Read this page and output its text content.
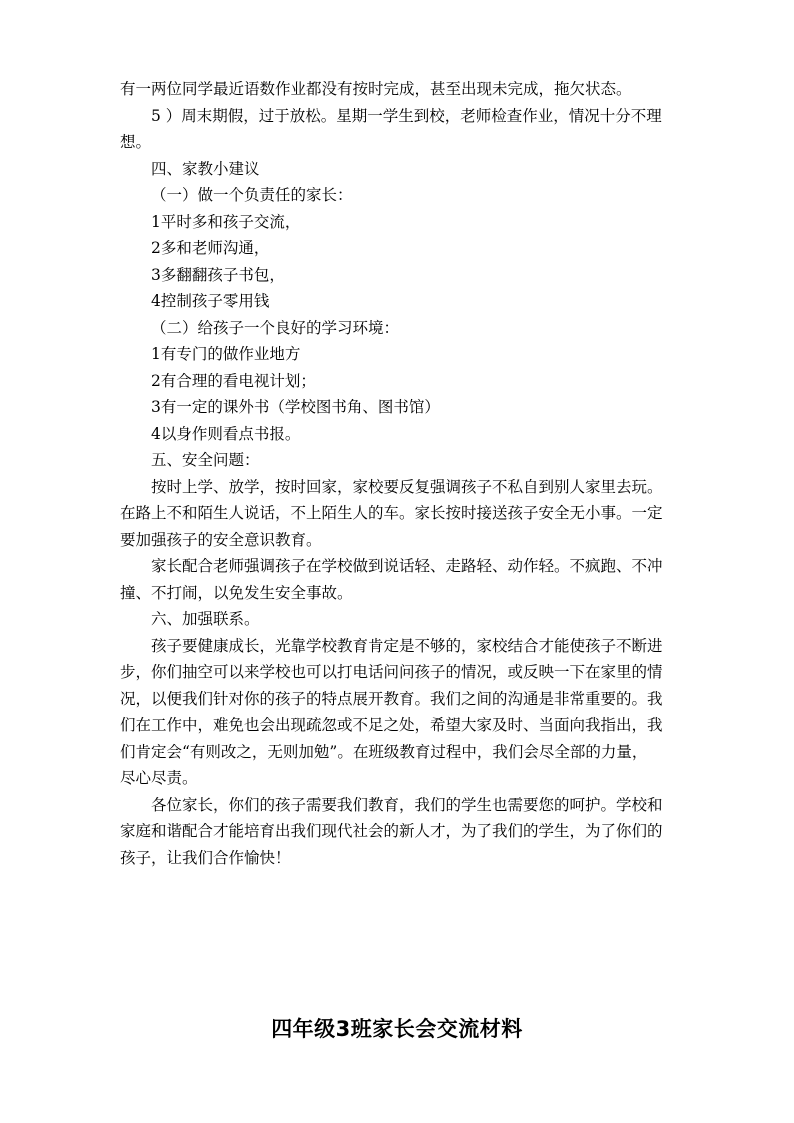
有一两位同学最近语数作业都没有按时完成，甚至出现未完成，拖欠状态。
5 ）周末期假，过于放松。星期一学生到校，老师检查作业，情况十分不理
想。
四、家教小建议
（一）做一个负责任的家长：
1平时多和孩子交流，
2多和老师沟通，
3多翻翻孩子书包，
4控制孩子零用钱
（二）给孩子一个良好的学习环境：
1有专门的做作业地方
2有合理的看电视计划；
3有一定的课外书（学校图书角、图书馆）
4以身作则看点书报。
五、安全问题：
按时上学、放学，按时回家，家校要反复强调孩子不私自到别人家里去玩。
在路上不和陌生人说话，不上陌生人的车。家长按时接送孩子安全无小事。一定
要加强孩子的安全意识教育。
家长配合老师强调孩子在学校做到说话轻、走路轻、动作轻。不疯跑、不冲
撞、不打闹，以免发生安全事故。
六、加强联系。
孩子要健康成长，光靠学校教育肯定是不够的，家校结合才能使孩子不断进
步，你们抽空可以来学校也可以打电话问问孩子的情况，或反映一下在家里的情
况，以便我们针对你的孩子的特点展开教育。我们之间的沟通是非常重要的。我
们在工作中，难免也会出现疏忽或不足之处，希望大家及时、当面向我指出，我
们肯定会“有则改之，无则加勉”。在班级教育过程中，我们会尽全部的力量，
尽心尽责。
各位家长，你们的孩子需要我们教育，我们的学生也需要您的呵护。学校和
家庭和谐配合才能培育出我们现代社会的新人才，为了我们的学生，为了你们的
孩子，让我们合作愉快！
四年级3班家长会交流材料
